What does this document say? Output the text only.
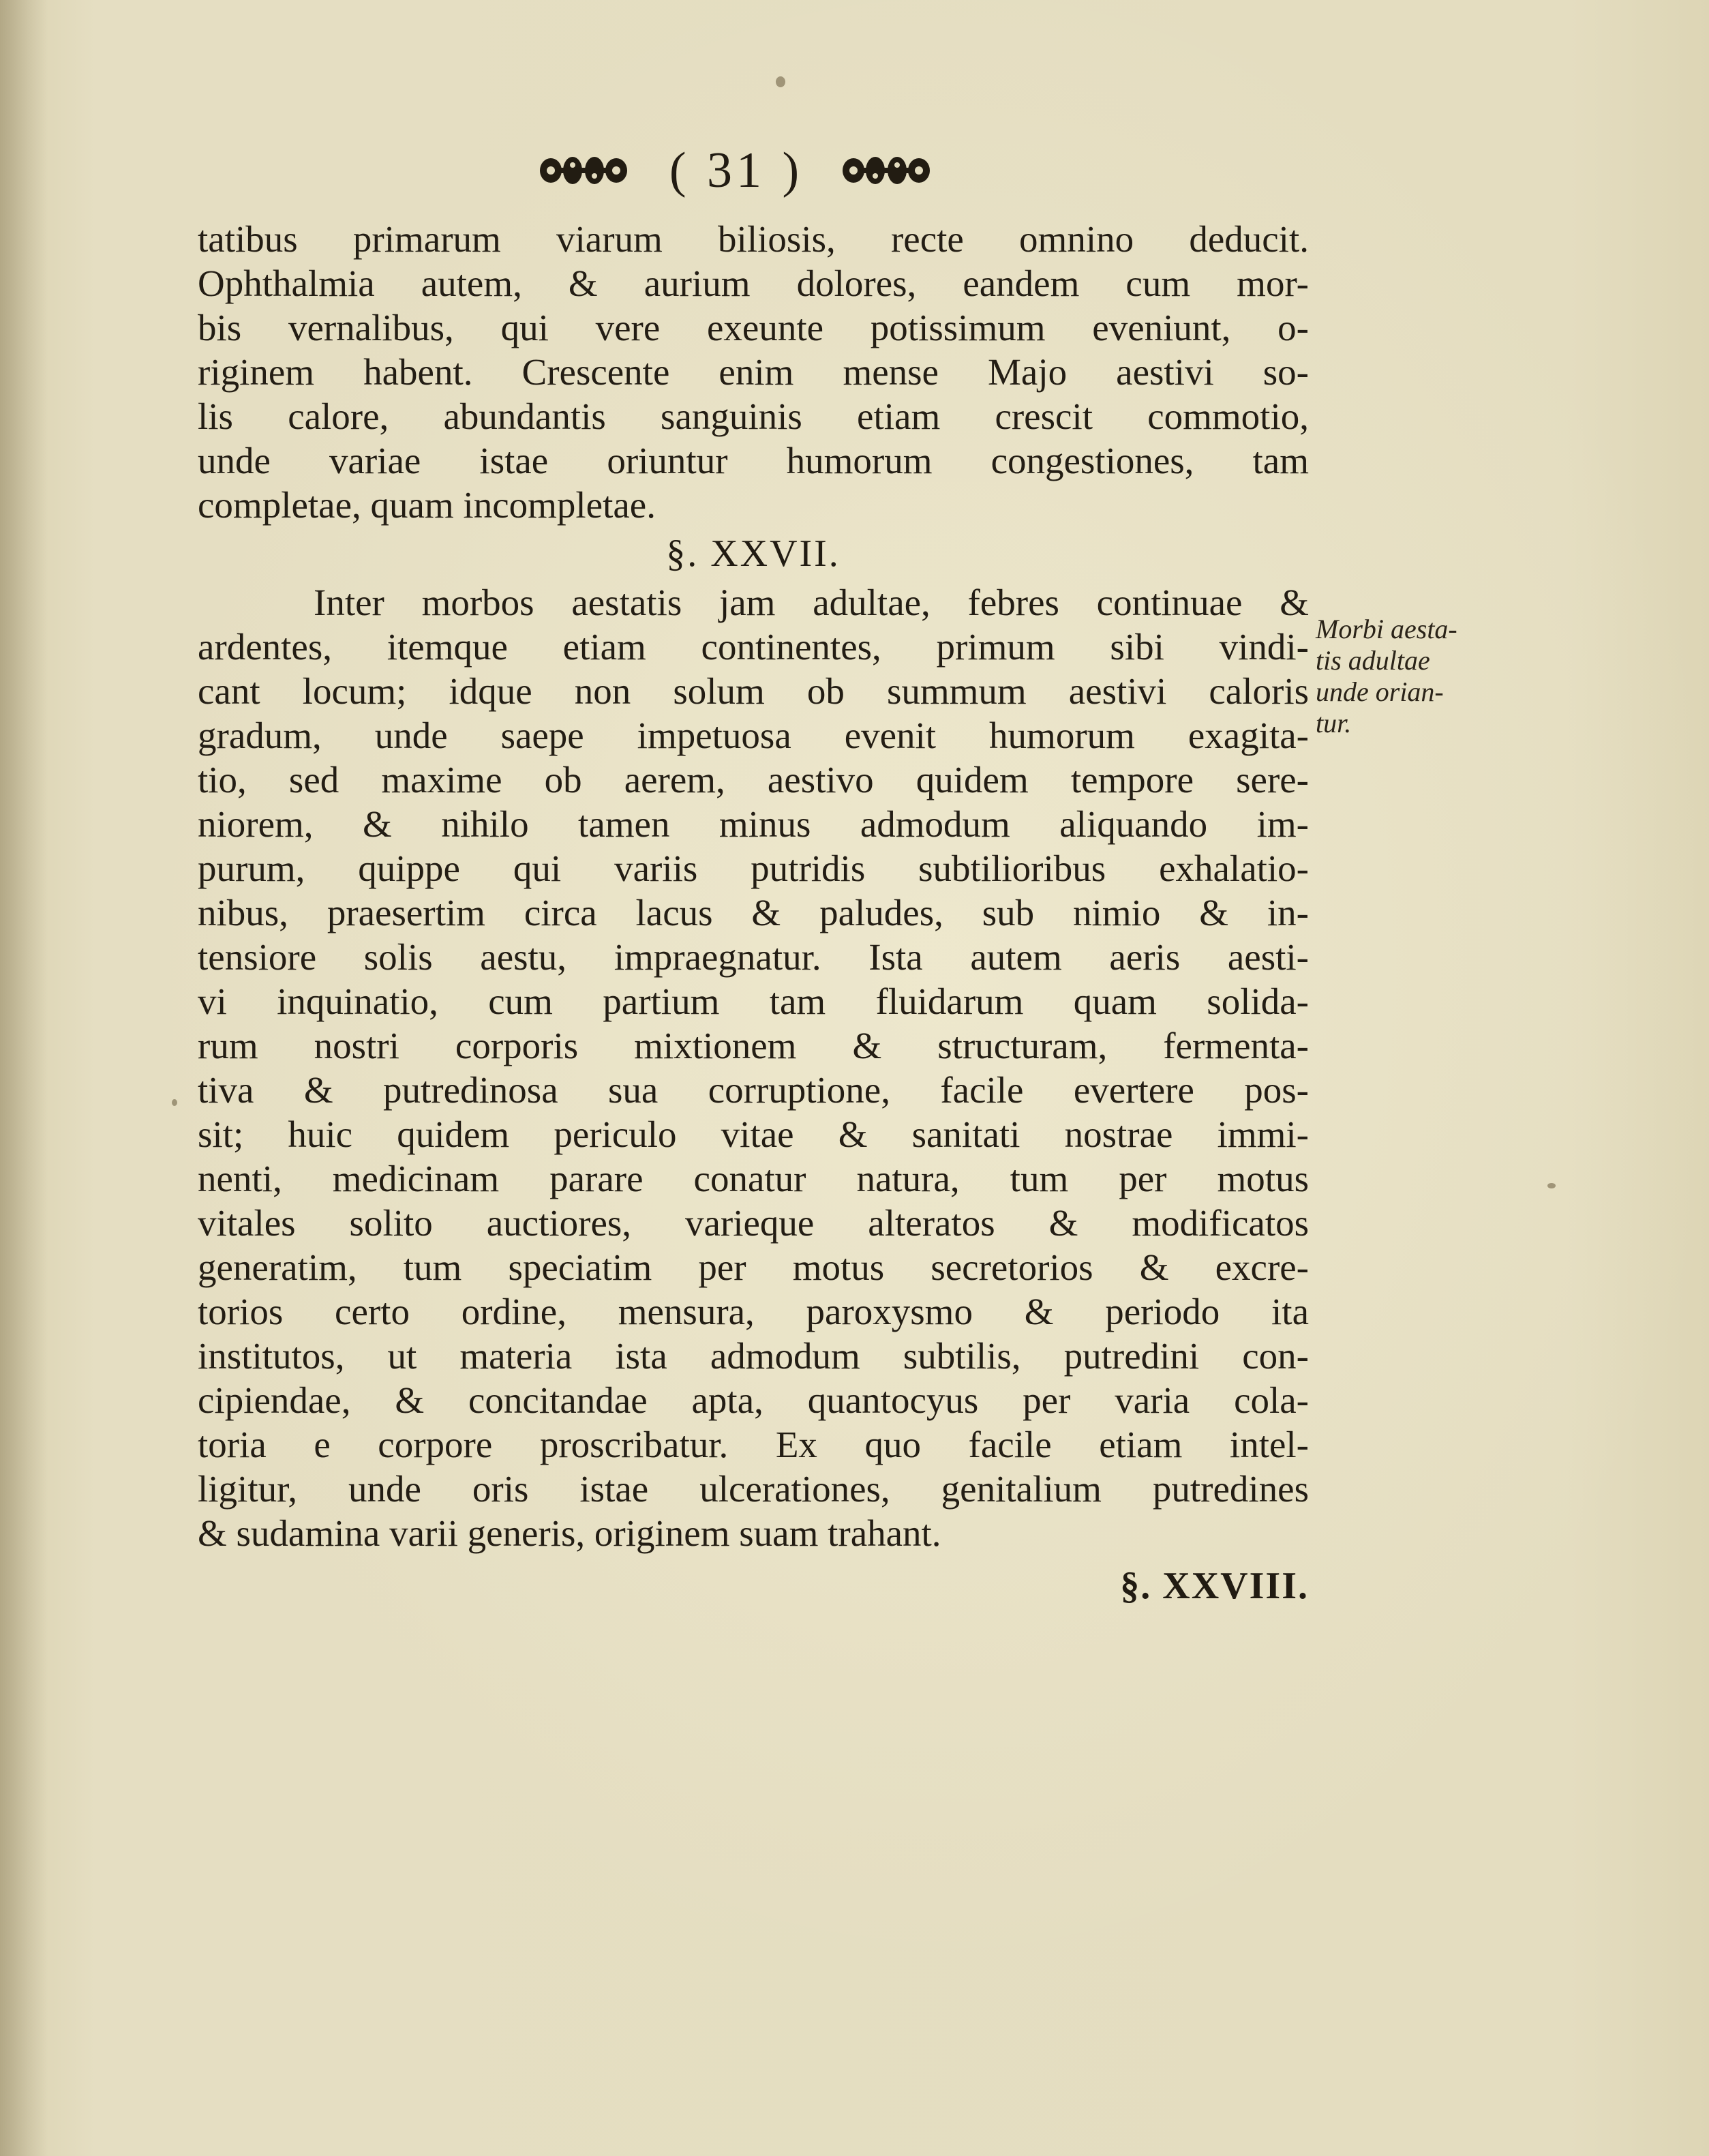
( 31 )
tatibus primarum viarum biliosis, recte omnino deducit.
Ophthalmia autem, & aurium dolores, eandem cum mor-
bis vernalibus, qui vere exeunte potissimum eveniunt, o-
riginem habent. Crescente enim mense Majo aestivi so-
lis calore, abundantis sanguinis etiam crescit commotio,
unde variae istae oriuntur humorum congestiones, tam
completae, quam incompletae.
§. XXVII.
Inter morbos aestatis jam adultae, febres continuae &
ardentes, itemque etiam continentes, primum sibi vindi-
cant locum; idque non solum ob summum aestivi caloris
gradum, unde saepe impetuosa evenit humorum exagita-
tio, sed maxime ob aerem, aestivo quidem tempore sere-
niorem, & nihilo tamen minus admodum aliquando im-
purum, quippe qui variis putridis subtilioribus exhalatio-
nibus, praesertim circa lacus & paludes, sub nimio & in-
tensiore solis aestu, impraegnatur. Ista autem aeris aesti-
vi inquinatio, cum partium tam fluidarum quam solida-
rum nostri corporis mixtionem & structuram, fermenta-
tiva & putredinosa sua corruptione, facile evertere pos-
sit; huic quidem periculo vitae & sanitati nostrae immi-
nenti, medicinam parare conatur natura, tum per motus
vitales solito auctiores, varieque alteratos & modificatos
generatim, tum speciatim per motus secretorios & excre-
torios certo ordine, mensura, paroxysmo & periodo ita
institutos, ut materia ista admodum subtilis, putredini con-
cipiendae, & concitandae apta, quantocyus per varia cola-
toria e corpore proscribatur. Ex quo facile etiam intel-
ligitur, unde oris istae ulcerationes, genitalium putredines
& sudamina varii generis, originem suam trahant.
§. XXVIII.
Morbi aesta-
tis adultae
unde orian-
tur.
